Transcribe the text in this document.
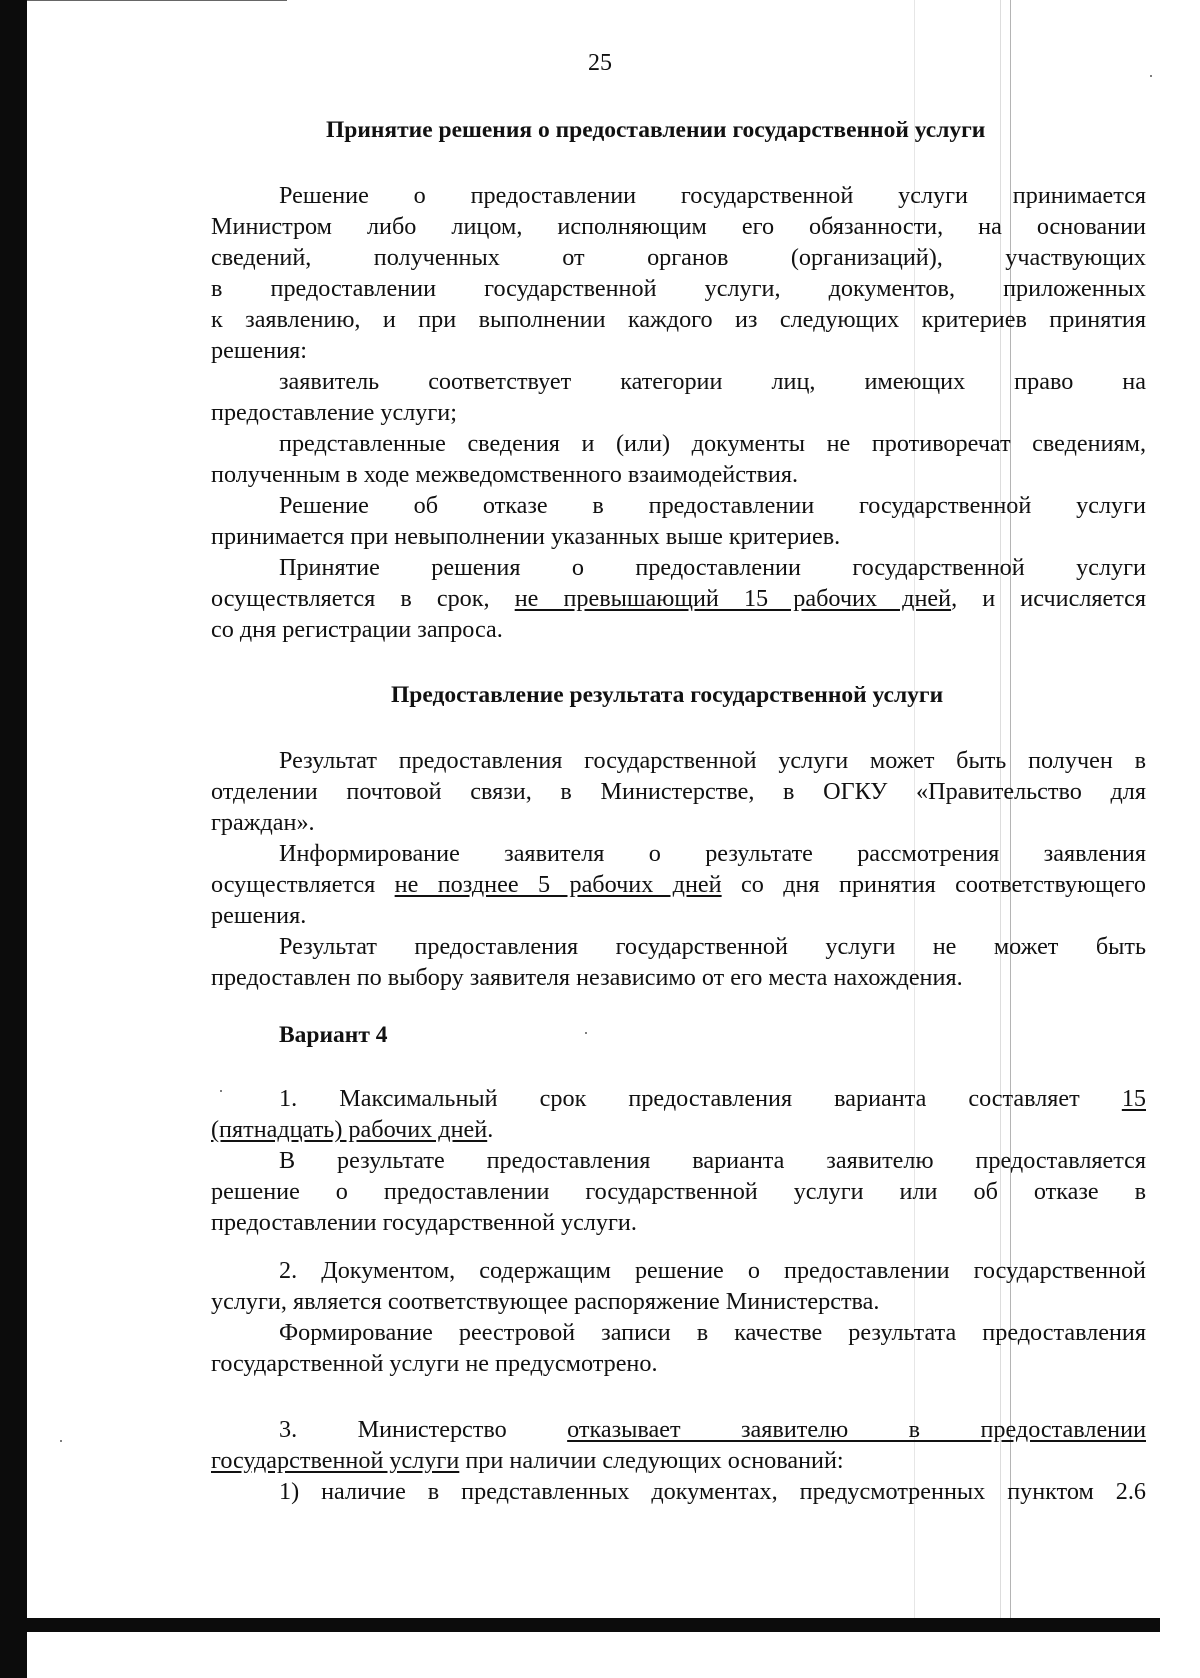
25
Принятие решения о предоставлении государственной услуги
Решение о предоставлении государственной услуги принимается
Министром либо лицом, исполняющим его обязанности, на основании
сведений, полученных от органов (организаций), участвующих
в предоставлении государственной услуги, документов, приложенных
к заявлению, и при выполнении каждого из следующих критериев принятия
решения:
заявитель соответствует категории лиц, имеющих право на
предоставление услуги;
представленные сведения и (или) документы не противоречат сведениям,
полученным в ходе межведомственного взаимодействия.
Решение об отказе в предоставлении государственной услуги
принимается при невыполнении указанных выше критериев.
Принятие решения о предоставлении государственной услуги
осуществляется в срок, не превышающий 15 рабочих дней, и исчисляется
со дня регистрации запроса.
Предоставление результата государственной услуги
Результат предоставления государственной услуги может быть получен в
отделении почтовой связи, в Министерстве, в ОГКУ «Правительство для
граждан».
Информирование заявителя о результате рассмотрения заявления
осуществляется не позднее 5 рабочих дней со дня принятия соответствующего
решения.
Результат предоставления государственной услуги не может быть
предоставлен по выбору заявителя независимо от его места нахождения.
Вариант 4
1. Максимальный срок предоставления варианта составляет 15
(пятнадцать) рабочих дней.
В результате предоставления варианта заявителю предоставляется
решение о предоставлении государственной услуги или об отказе в
предоставлении государственной услуги.
2. Документом, содержащим решение о предоставлении государственной
услуги, является соответствующее распоряжение Министерства.
Формирование реестровой записи в качестве результата предоставления
государственной услуги не предусмотрено.
3. Министерство отказывает заявителю в предоставлении
государственной услуги при наличии следующих оснований:
1) наличие в представленных документах, предусмотренных пунктом 2.6
